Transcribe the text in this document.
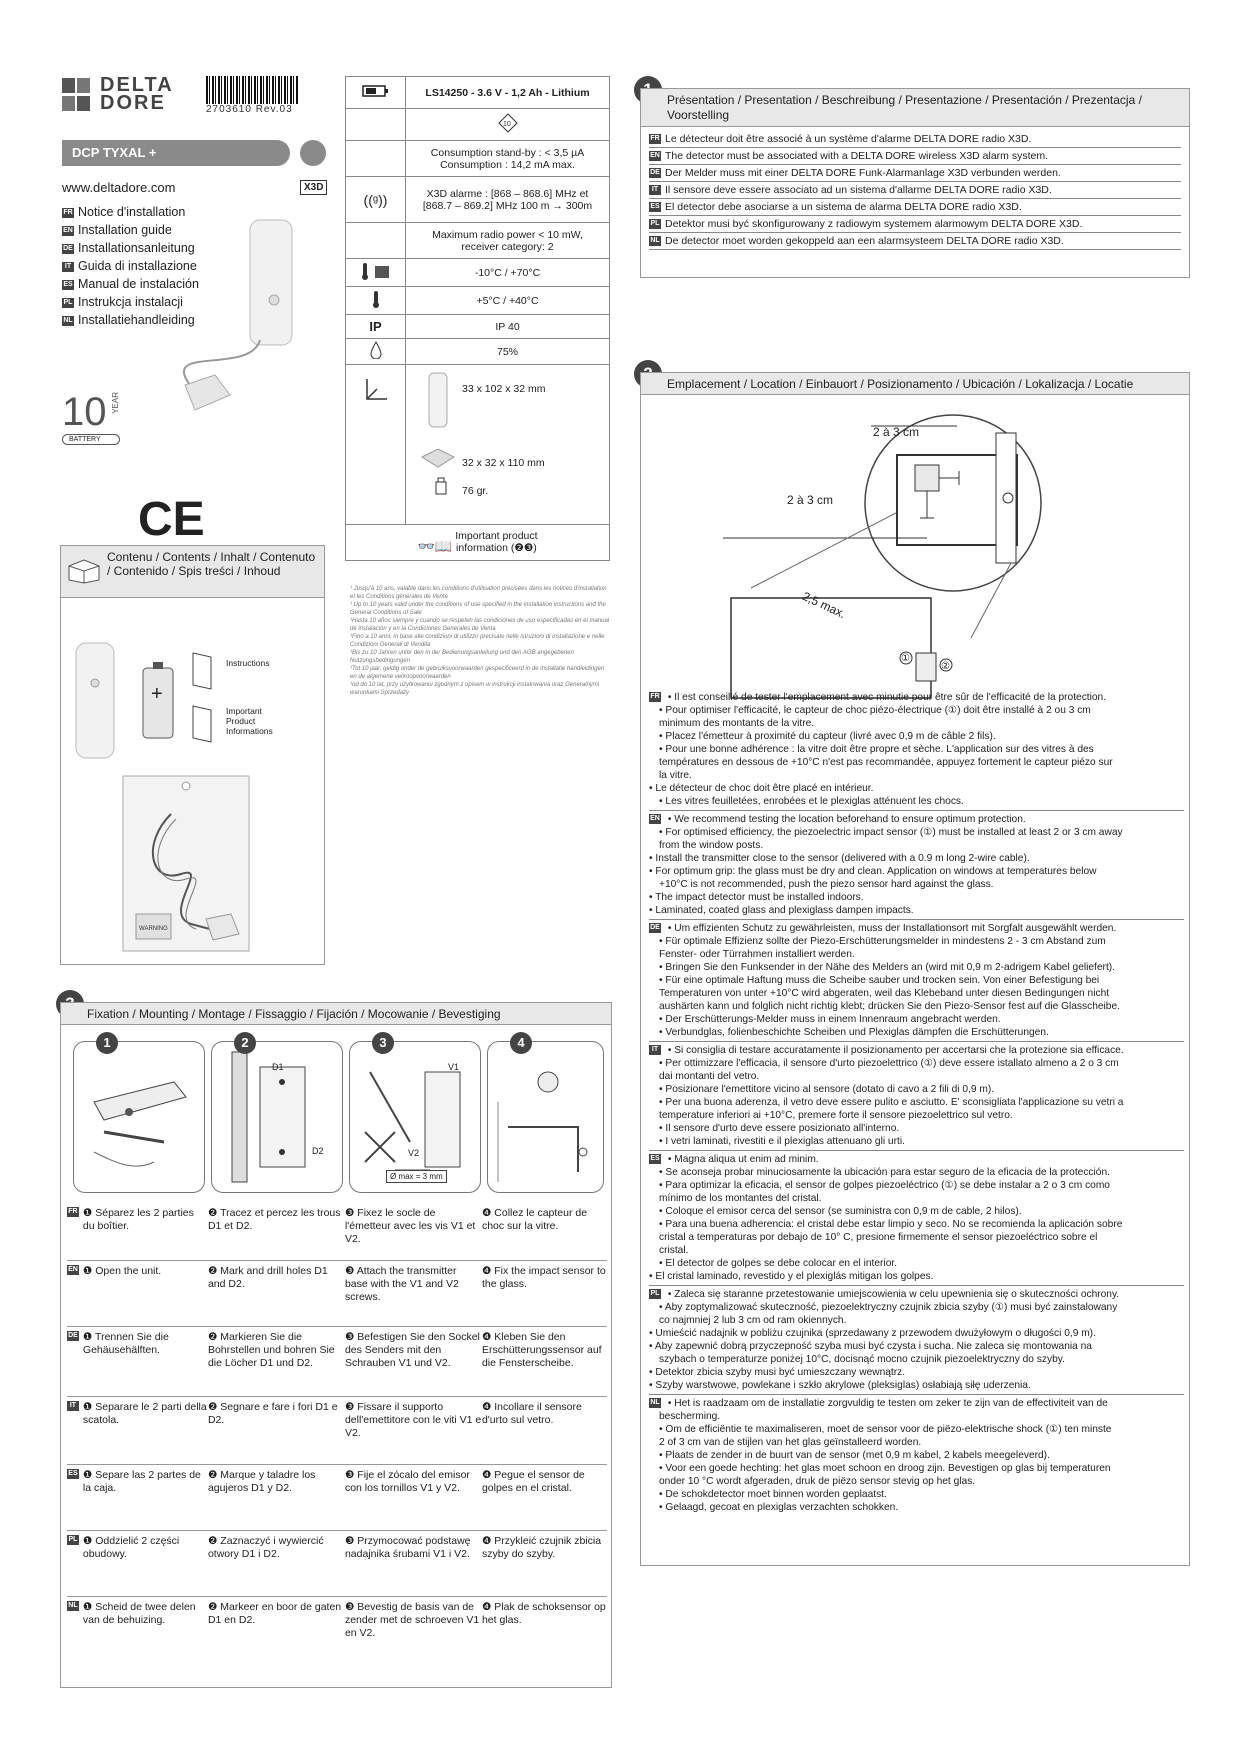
DELTA
DORE	2703610 Rev.03
DCP TYXAL +
www.deltadore.com	X3D
FR Notice d'installation
EN Installation guide
DE Installationsanleitung
IT Guida di installazione
ES Manual de instalación
PL Instrukcja instalacji
NL Installatiehandleiding
10 YEAR
BATTERY
CE
Contenu / Contents / Inhalt / Contenuto / Contenido / Spis treści / Inhoud
+
Instructions
Important
Product
Informations
WARNING
	LS14250 - 3.6 V - 1,2 Ah - Lithium

10

	Consumption stand-by : < 3,5 µA
Consumption : 14,2 mA max.

((ᵍ))	X3D alarme : [868 – 868.6] MHz et
[868.7 – 869.2] MHz 100 m → 300m

	Maximum radio power < 10 mW,
receiver category: 2

	-10°C / +70°C
	+5°C / +40°C
IP	IP 40
	75%

33 x 102 x 32 mm
32 x 32 x 110 mm
76 gr.

👓📖
Important product
information (❷❸)	
¹ Jusqu'à 10 ans, valable dans les conditions d'utilisation précisées dans les notices d'installation et les Conditions générales de Vente
¹ Up to 10 years valid under the conditions of use specified in the installation instructions and the General Conditions of Sale
¹Hasta 10 años siempre y cuando se respeten las condiciones de uso especificadas en el manual de instalación y en la Condiciones Generales de Venta
¹Fino a 10 anni, in base alle condizioni di utilizzo precisate nelle istruzioni di installazione e nelle Condizioni Generali di Vendita
¹Bis zu 10 Jahren unter den in der Bedienungsanleitung und den AGB angegebenen Nutzungsbedingungen
¹Tot 10 jaar, geldig onder de gebruiksvoorwaarden gespecificeerd in de installatie handleidingen en de algemene verkoopvoorwaarden
¹od do 10 lat, przy użytkowaniu zgodnym z opisem w instrukcji instalowania oraz Generalnymi warunkami Sprzedaży
Présentation / Presentation / Beschreibung / Presentazione / Presentación / Prezentacja / Voorstelling
FR Le détecteur doit être associé à un système d'alarme DELTA DORE radio X3D.
EN The detector must be associated with a DELTA DORE wireless X3D alarm system.
DE Der Melder muss mit einer DELTA DORE Funk-Alarmanlage X3D verbunden werden.
IT Il sensore deve essere associato ad un sistema d'allarme DELTA DORE radio X3D.
ES El detector debe asociarse a un sistema de alarma DELTA DORE radio X3D.
PL Detektor musi być skonfigurowany z radiowym systemem alarmowym DELTA DORE X3D.
NL De detector moet worden gekoppeld aan een alarmsysteem DELTA DORE radio X3D.
Emplacement / Location / Einbauort / Posizionamento / Ubicación / Lokalizacja / Locatie
2 à 3 cm
2 à 3 cm
2,5 max.
①
②
FR • Il est conseillé de tester l'emplacement avec minutie pour être sûr de l'efficacité de la protection.
• Pour optimiser l'efficacité, le capteur de choc piézo-électrique (①) doit être installé à 2 ou 3 cm
minimum des montants de la vitre.
• Placez l'émetteur à proximité du capteur (livré avec 0,9 m de câble 2 fils).
• Pour une bonne adhérence : la vitre doit être propre et sèche. L'application sur des vitres à des
températures en dessous de +10°C n'est pas recommandée, appuyez fortement le capteur piézo sur
la vitre.
• Le détecteur de choc doit être placé en intérieur.
• Les vitres feuilletées, enrobées et le plexiglas atténuent les chocs.
EN • We recommend testing the location beforehand to ensure optimum protection.
• For optimised efficiency, the piezoelectric impact sensor (①) must be installed at least 2 or 3 cm away
from the window posts.
• Install the transmitter close to the sensor (delivered with a 0.9 m long 2-wire cable).
• For optimum grip: the glass must be dry and clean. Application on windows at temperatures below
+10°C is not recommended, push the piezo sensor hard against the glass.
• The impact detector must be installed indoors.
• Laminated, coated glass and plexiglass dampen impacts.
DE • Um effizienten Schutz zu gewährleisten, muss der Installationsort mit Sorgfalt ausgewählt werden.
• Für optimale Effizienz sollte der Piezo-Erschütterungsmelder in mindestens 2 - 3 cm Abstand zum
Fenster- oder Türrahmen installiert werden.
• Bringen Sie den Funksender in der Nähe des Melders an (wird mit 0,9 m 2-adrigem Kabel geliefert).
• Für eine optimale Haftung muss die Scheibe sauber und trocken sein. Von einer Befestigung bei
Temperaturen von unter +10°C wird abgeraten, weil das Klebeband unter diesen Bedingungen nicht
aushärten kann und folglich nicht richtig klebt; drücken Sie den Piezo-Sensor fest auf die Glasscheibe.
• Der Erschütterungs-Melder muss in einem Innenraum angebracht werden.
• Verbundglas, folienbeschichte Scheiben und Plexiglas dämpfen die Erschütterungen.
IT • Si consiglia di testare accuratamente il posizionamento per accertarsi che la protezione sia efficace.
• Per ottimizzare l'efficacia, il sensore d'urto piezoelettrico (①) deve essere istallato almeno a 2 o 3 cm
dai montanti del vetro.
• Posizionare l'emettitore vicino al sensore (dotato di cavo a 2 fili di 0,9 m).
• Per una buona aderenza, il vetro deve essere pulito e asciutto. E' sconsigliata l'applicazione su vetri a
temperature inferiori ai +10°C, premere forte il sensore piezoelettrico sul vetro.
• Il sensore d'urto deve essere posizionato all'interno.
• I vetri laminati, rivestiti e il plexiglas attenuano gli urti.
ES • Magna aliqua ut enim ad minim.
• Se aconseja probar minuciosamente la ubicación para estar seguro de la eficacia de la protección.
• Para optimizar la eficacia, el sensor de golpes piezoeléctrico (①) se debe instalar a 2 o 3 cm como
mínimo de los montantes del cristal.
• Coloque el emisor cerca del sensor (se suministra con 0,9 m de cable, 2 hilos).
• Para una buena adherencia: el cristal debe estar limpio y seco. No se recomienda la aplicación sobre
cristal a temperaturas por debajo de 10° C, presione firmemente el sensor piezoeléctrico sobre el
cristal.
• El detector de golpes se debe colocar en el interior.
• El cristal laminado, revestido y el plexiglás mitigan los golpes.
PL • Zaleca się staranne przetestowanie umiejscowienia w celu upewnienia się o skuteczności ochrony.
• Aby zoptymalizować skuteczność, piezoelektryczny czujnik zbicia szyby (①) musi być zainstalowany
co najmniej 2 lub 3 cm od ram okiennych.
• Umieścić nadajnik w pobliżu czujnika (sprzedawany z przewodem dwużyłowym o długości 0,9 m).
• Aby zapewnić dobrą przyczepność szyba musi być czysta i sucha. Nie zaleca się montowania na
szybach o temperaturze poniżej 10°C, docisnąć mocno czujnik piezoelektryczny do szyby.
• Detektor zbicia szyby musi być umieszczany wewnątrz.
• Szyby warstwowe, powlekane i szkło akrylowe (pleksiglas) osłabiają siłę uderzenia.
NL • Het is raadzaam om de installatie zorgvuldig te testen om zeker te zijn van de effectiviteit van de
bescherming.
• Om de efficiëntie te maximaliseren, moet de sensor voor de piëzo-elektrische shock (①) ten minste
2 of 3 cm van de stijlen van het glas geïnstalleerd worden.
• Plaats de zender in de buurt van de sensor (met 0,9 m kabel, 2 kabels meegeleverd).
• Voor een goede hechting: het glas moet schoon en droog zijn. Bevestigen op glas bij temperaturen
onder 10 °C wordt afgeraden, druk de piëzo sensor stevig op het glas.
• De schokdetector moet binnen worden geplaatst.
• Gelaagd, gecoat en plexiglas verzachten schokken.
Fixation / Mounting / Montage / Fissaggio / Fijación / Mocowanie / Bevestiging
1	2
D1
D2
3
V1
V2
Ø max = 3 mm
4
FR ❶ Séparez les 2 parties du boîtier.
❷ Tracez et percez les trous D1 et D2.
❸ Fixez le socle de l'émetteur avec les vis V1 et V2.
❹ Collez le capteur de choc sur la vitre.
EN ❶ Open the unit.	❷ Mark and drill holes D1 and D2.
❸ Attach the transmitter base with the V1 and V2 screws.
❹ Fix the impact sensor to the glass.
DE ❶ Trennen Sie die Gehäusehälften.
❷ Markieren Sie die Bohrstellen und bohren Sie die Löcher D1 und D2.
❸ Befestigen Sie den Sockel des Senders mit den Schrauben V1 und V2.
❹ Kleben Sie den Erschütterungssensor auf die Fensterscheibe.
IT ❶ Separare le 2 parti della scatola.
❷ Segnare e fare i fori D1 e D2.
❸ Fissare il supporto dell'emettitore con le viti V1 e V2.
❹ Incollare il sensore d'urto sul vetro.
ES ❶ Separe las 2 partes de la caja.
❷ Marque y taladre los agujeros D1 y D2.
❸ Fije el zócalo del emisor con los tornillos V1 y V2.
❹ Pegue el sensor de golpes en el cristal.
PL ❶ Oddzielić 2 części obudowy.
❷ Zaznaczyć i wywiercić otwory D1 i D2.
❸ Przymocować podstawę nadajnika śrubami V1 i V2.
❹ Przykleić czujnik zbicia szyby do szyby.
NL ❶ Scheid de twee delen van de behuizing.
❷ Markeer en boor de gaten D1 en D2.
❸ Bevestig de basis van de zender met de schroeven V1 en V2.
❹ Plak de schoksensor op het glas.
